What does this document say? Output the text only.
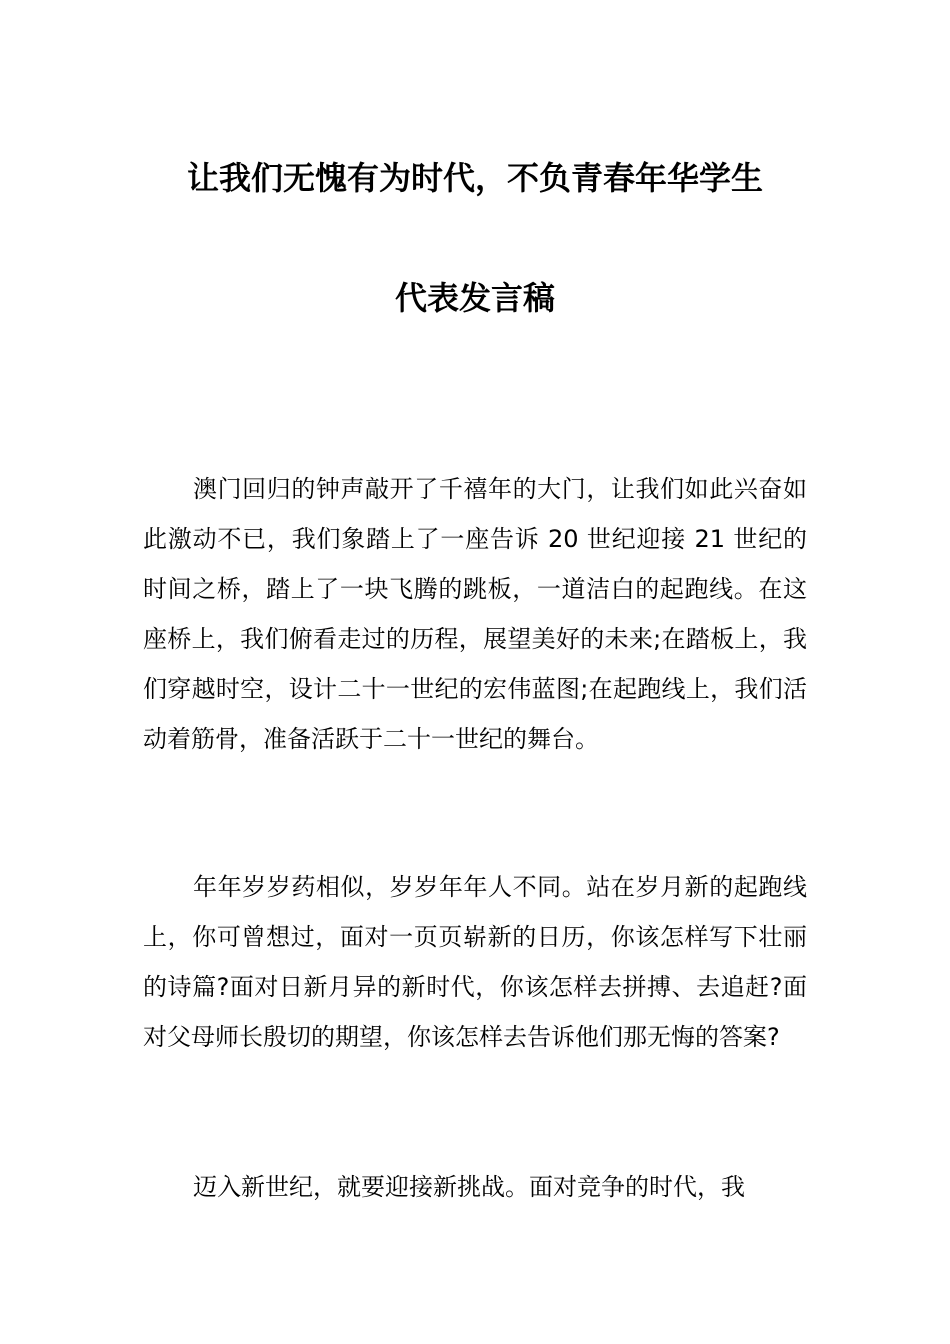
让我们无愧有为时代，不负青春年华学生
代表发言稿

澳门回归的钟声敲开了千禧年的大门，让我们如此兴奋如此激动不已，我们象踏上了一座告诉 20 世纪迎接 21 世纪的时间之桥，踏上了一块飞腾的跳板，一道洁白的起跑线。在这座桥上，我们俯看走过的历程，展望美好的未来;在踏板上，我们穿越时空，设计二十一世纪的宏伟蓝图;在起跑线上，我们活动着筋骨，准备活跃于二十一世纪的舞台。

年年岁岁药相似，岁岁年年人不同。站在岁月新的起跑线上，你可曾想过，面对一页页崭新的日历，你该怎样写下壮丽的诗篇?面对日新月异的新时代，你该怎样去拼搏、去追赶?面对父母师长殷切的期望，你该怎样去告诉他们那无悔的答案?

迈入新世纪，就要迎接新挑战。面对竞争的时代，我
